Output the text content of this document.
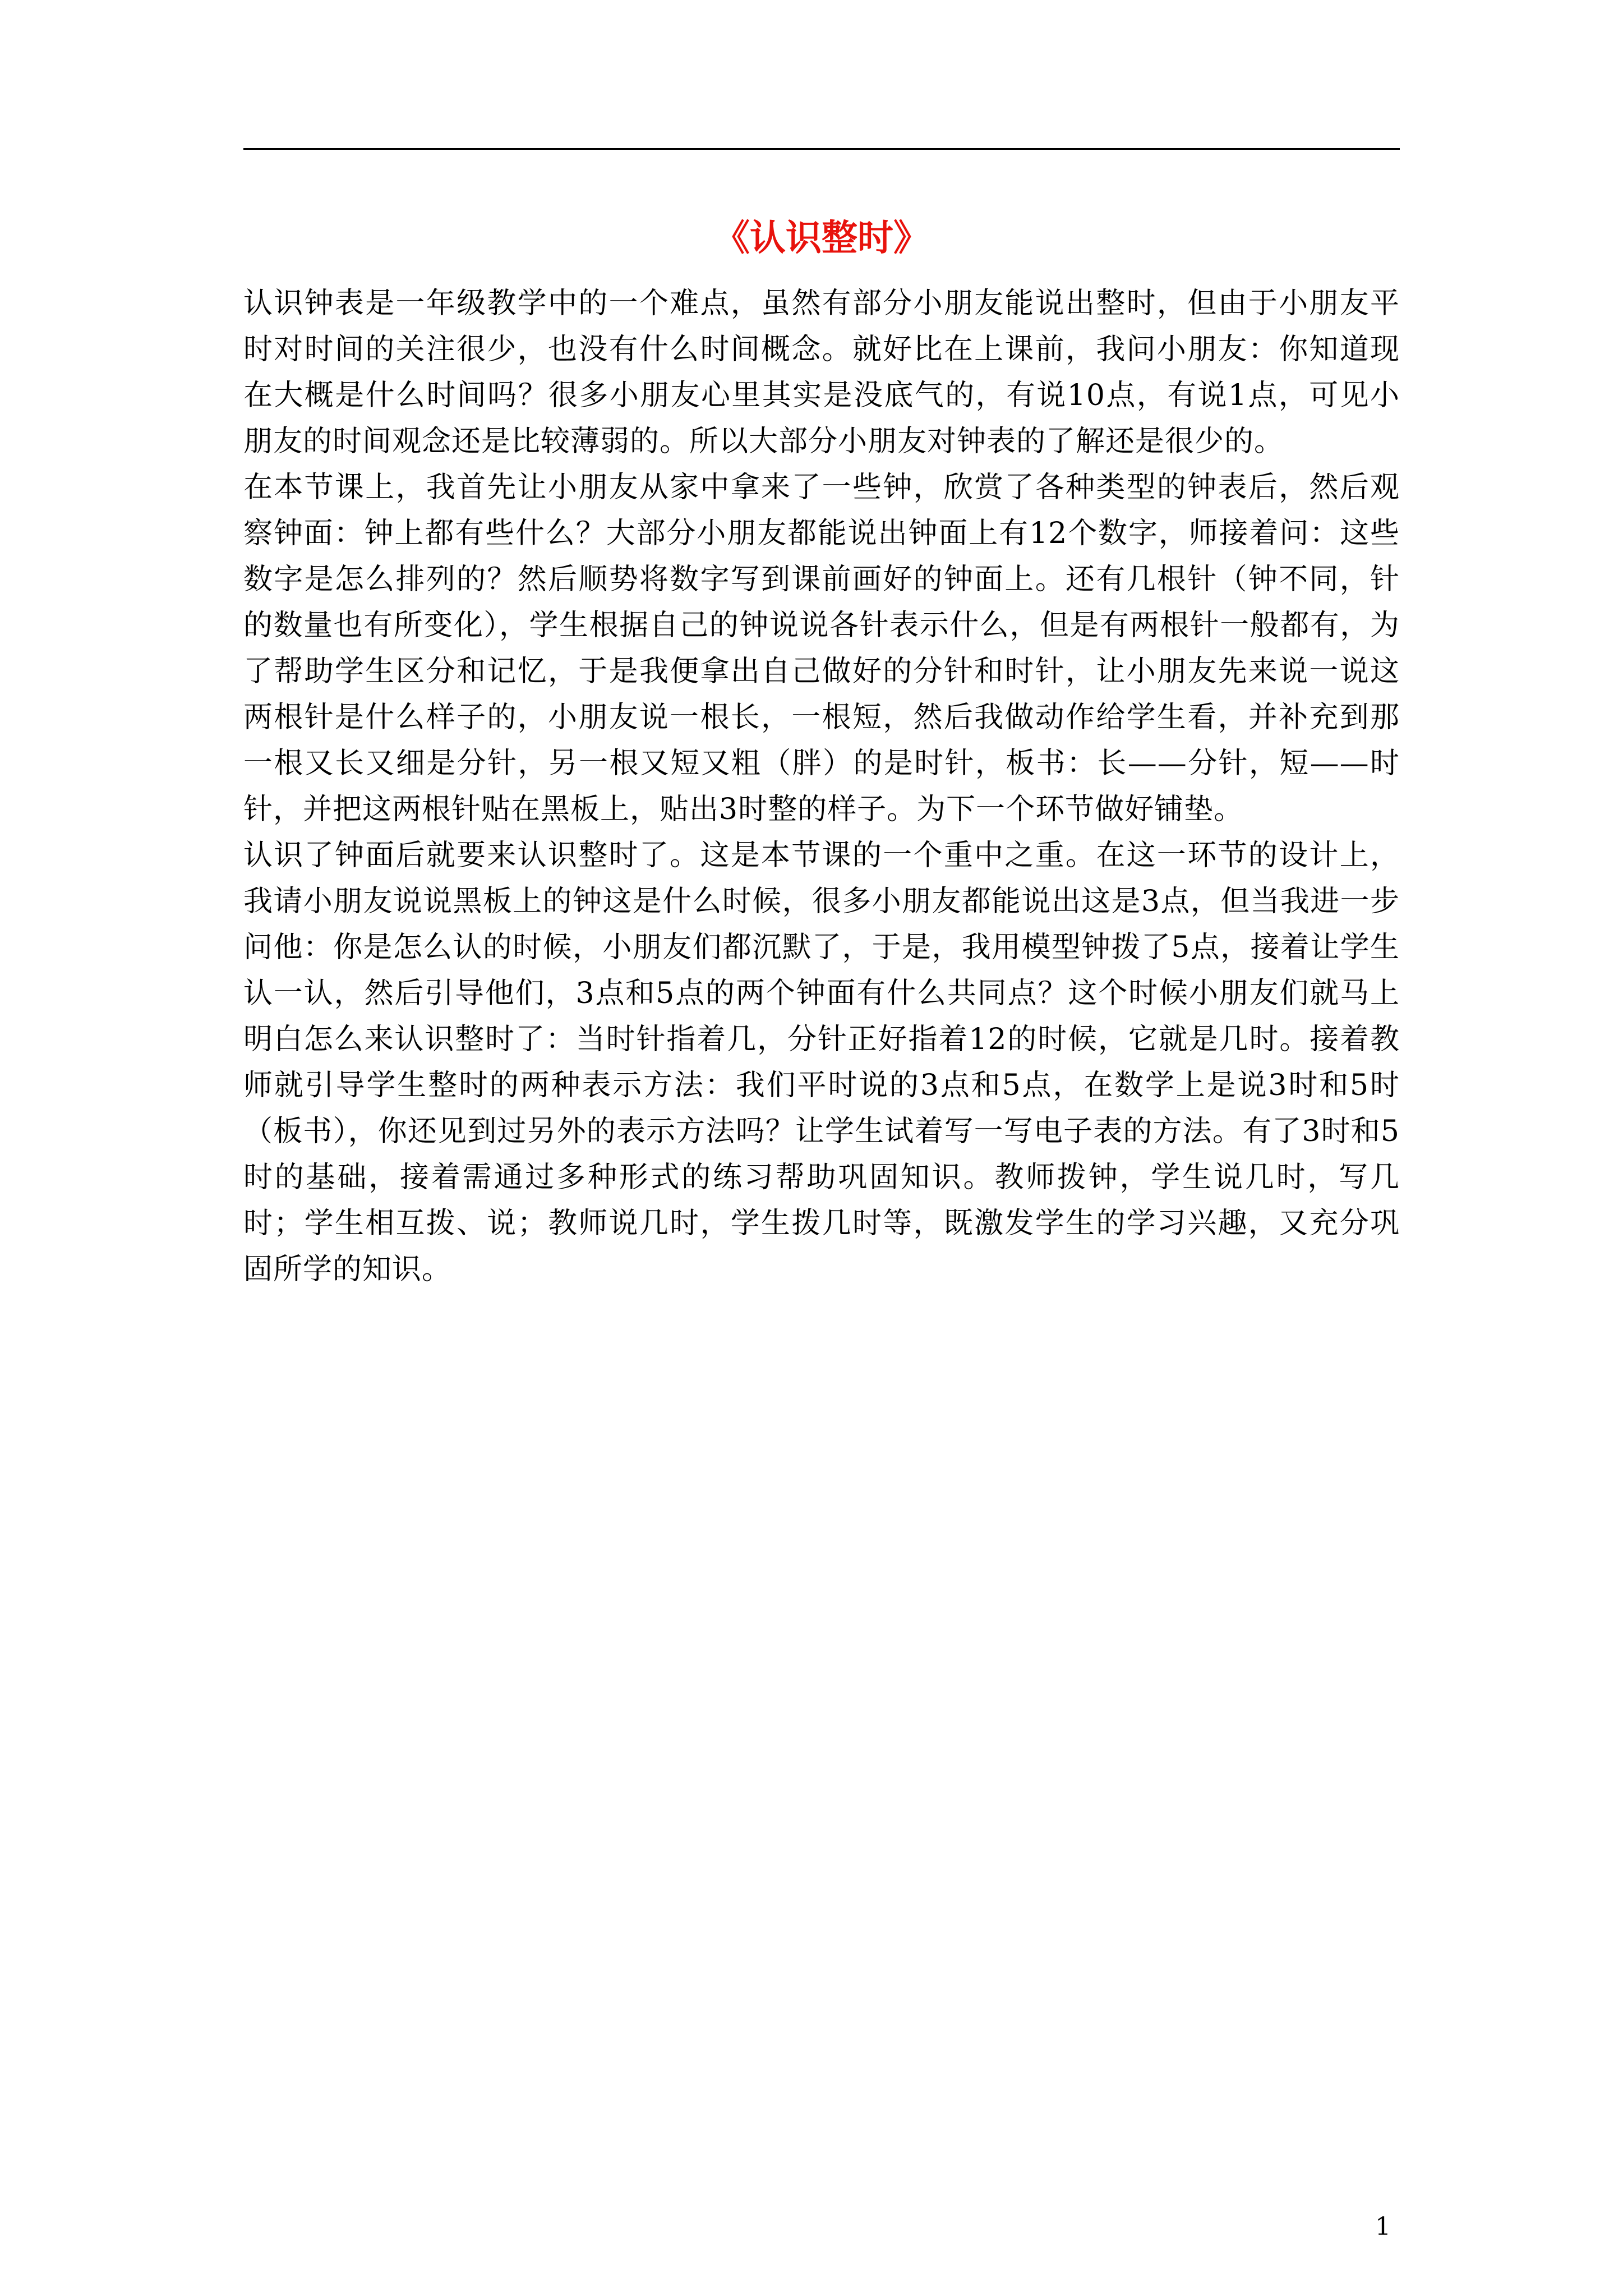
《认识整时》

认识钟表是一年级教学中的一个难点，虽然有部分小朋友能说出整时，但由于小朋友平时对时间的关注很少，也没有什么时间概念。就好比在上课前，我问小朋友：你知道现在大概是什么时间吗？很多小朋友心里其实是没底气的，有说10点，有说1点，可见小朋友的时间观念还是比较薄弱的。所以大部分小朋友对钟表的了解还是很少的。

在本节课上，我首先让小朋友从家中拿来了一些钟，欣赏了各种类型的钟表后，然后观察钟面：钟上都有些什么？大部分小朋友都能说出钟面上有12个数字，师接着问：这些数字是怎么排列的？然后顺势将数字写到课前画好的钟面上。还有几根针（钟不同，针的数量也有所变化），学生根据自己的钟说说各针表示什么，但是有两根针一般都有，为了帮助学生区分和记忆，于是我便拿出自己做好的分针和时针，让小朋友先来说一说这两根针是什么样子的，小朋友说一根长，一根短，然后我做动作给学生看，并补充到那一根又长又细是分针，另一根又短又粗（胖）的是时针，板书：长——分针，短——时针，并把这两根针贴在黑板上，贴出3时整的样子。为下一个环节做好铺垫。

认识了钟面后就要来认识整时了。这是本节课的一个重中之重。在这一环节的设计上，我请小朋友说说黑板上的钟这是什么时候，很多小朋友都能说出这是3点，但当我进一步问他：你是怎么认的时候，小朋友们都沉默了，于是，我用模型钟拨了5点，接着让学生认一认，然后引导他们，3点和5点的两个钟面有什么共同点？这个时候小朋友们就马上明白怎么来认识整时了：当时针指着几，分针正好指着12的时候，它就是几时。接着教师就引导学生整时的两种表示方法：我们平时说的3点和5点，在数学上是说3时和5时（板书），你还见到过另外的表示方法吗？让学生试着写一写电子表的方法。有了3时和5时的基础，接着需通过多种形式的练习帮助巩固知识。教师拨钟，学生说几时，写几时；学生相互拨、说；教师说几时，学生拨几时等，既激发学生的学习兴趣，又充分巩固所学的知识。

1
